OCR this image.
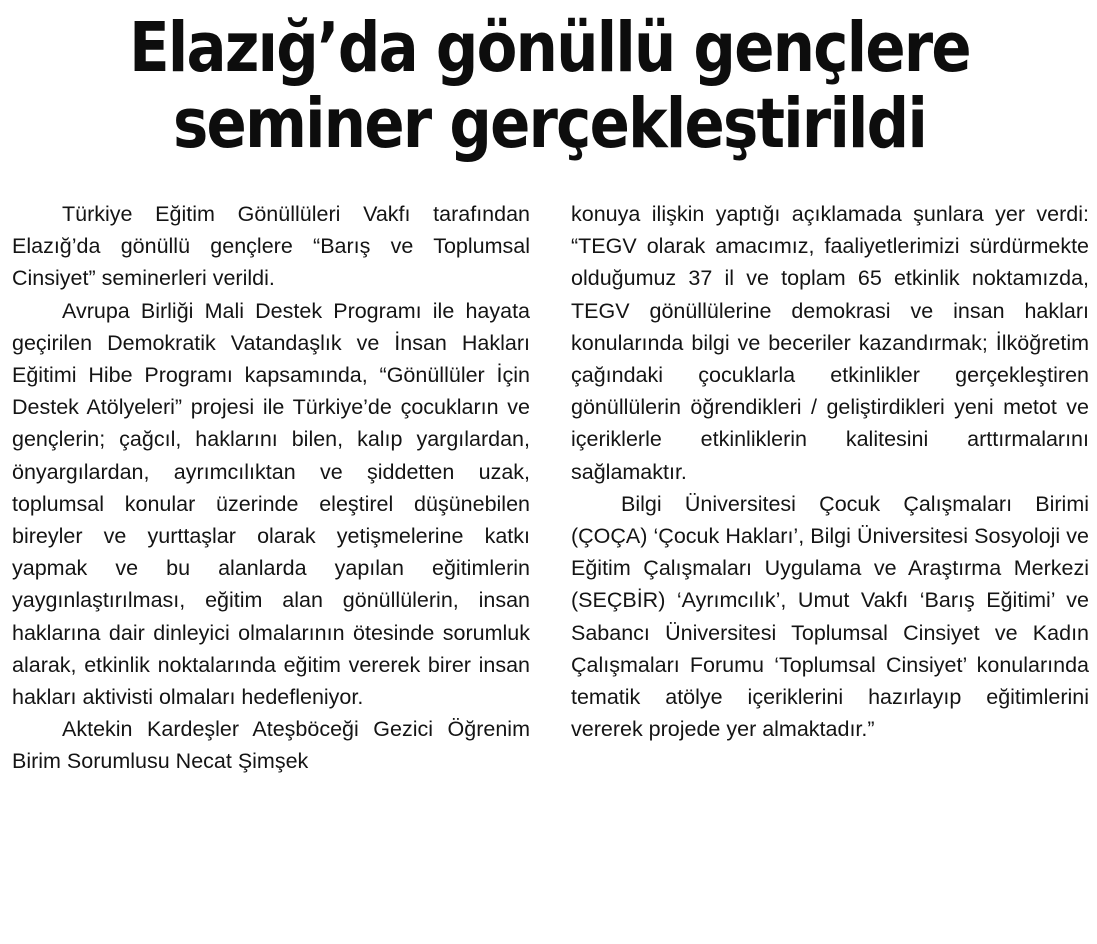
Elazığ’da gönüllü gençlere
seminer gerçekleştirildi

Türkiye Eğitim Gönüllüleri Vakfı tarafından Elazığ’da gönüllü gençlere “Barış ve Toplumsal Cinsiyet” seminerleri verildi.

Avrupa Birliği Mali Destek Programı ile hayata geçirilen Demokratik Vatandaşlık ve İnsan Hakları Eğitimi Hibe Programı kapsamında, “Gönüllüler İçin Destek Atölyeleri” projesi ile Türkiye’de çocukların ve gençlerin; çağcıl, haklarını bilen, kalıp yargılardan, önyargılardan, ayrımcılıktan ve şiddetten uzak, toplumsal konular üzerinde eleştirel düşünebilen bireyler ve yurttaşlar olarak yetişmelerine katkı yapmak ve bu alanlarda yapılan eğitimlerin yaygınlaştırılması, eğitim alan gönüllülerin, insan haklarına dair dinleyici olmalarının ötesinde sorumluk alarak, etkinlik noktalarında eğitim vererek birer insan hakları aktivisti olmaları hedefleniyor.

Aktekin Kardeşler Ateşböceği Gezici Öğrenim Birim Sorumlusu Necat Şimşek

konuya ilişkin yaptığı açıklamada şunlara yer verdi: “TEGV olarak amacımız, faaliyetlerimizi sürdürmekte olduğumuz 37 il ve toplam 65 etkinlik noktamızda, TEGV gönüllülerine demokrasi ve insan hakları konularında bilgi ve beceriler kazandırmak; İlköğretim çağındaki çocuklarla etkinlikler gerçekleştiren gönüllülerin öğrendikleri / geliştirdikleri yeni metot ve içeriklerle etkinliklerin kalitesini arttırmalarını sağlamaktır.

Bilgi Üniversitesi Çocuk Çalışmaları Birimi (ÇOÇA) ‘Çocuk Hakları’, Bilgi Üniversitesi Sosyoloji ve Eğitim Çalışmaları Uygulama ve Araştırma Merkezi (SEÇBİR) ‘Ayrımcılık’, Umut Vakfı ‘Barış Eğitimi’ ve Sabancı Üniversitesi Toplumsal Cinsiyet ve Kadın Çalışmaları Forumu ‘Toplumsal Cinsiyet’ konularında tematik atölye içeriklerini hazırlayıp eğitimlerini vererek projede yer almaktadır.”
